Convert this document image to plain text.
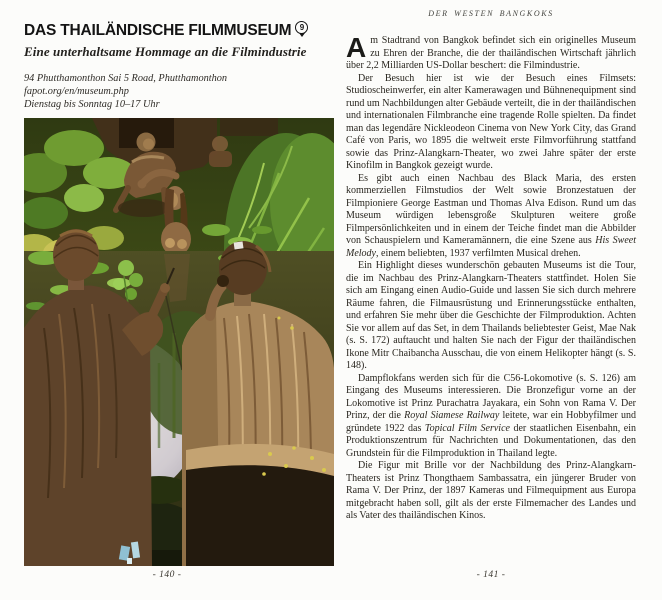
DAS THAILÄNDISCHE FILMMUSEUM	9
Eine unterhaltsame Hommage an die Filmindustrie
94 Phutthamonthon Sai 5 Road, Phutthamonthon
fapot.org/en/museum.php
Dienstag bis Sonntag 10–17 Uhr
- 140 -
DER WESTEN BANGKOKS

Am Stadtrand von Bangkok befindet sich ein originelles Museum zu Ehren der Branche, die der thailändischen Wirtschaft jährlich über 2,2 Milliarden US-Dollar beschert: die Filmindustrie.

Der Besuch hier ist wie der Besuch eines Filmsets: Studioscheinwerfer, ein alter Kamerawagen und Bühnenequipment sind rund um Nachbildungen alter Gebäude verteilt, die in der thailändischen und internationalen Filmbranche eine tragende Rolle spielten. Da findet man das legendäre Nickleodeon Cinema von New York City, das Grand Café von Paris, wo 1895 die weltweit erste Filmvorführung stattfand sowie das Prinz-Alangkarn-Theater, wo zwei Jahre später der erste Kinofilm in Bangkok gezeigt wurde.

Es gibt auch einen Nachbau des Black Maria, des ersten kommerziellen Filmstudios der Welt sowie Bronzestatuen der Filmpioniere George Eastman und Thomas Alva Edison. Rund um das Museum würdigen lebensgroße Skulpturen weitere große Filmpersönlichkeiten und in einem der Teiche findet man die Abbilder von Schauspielern und Kameramännern, die eine Szene aus His Sweet Melody, einem beliebten, 1937 verfilmten Musical drehen.

Ein Highlight dieses wunderschön gebauten Museums ist die Tour, die im Nachbau des Prinz-Alangkarn-Theaters stattfindet. Holen Sie sich am Eingang einen Audio-Guide und lassen Sie sich durch mehrere Räume fahren, die Filmausrüstung und Erinnerungsstücke enthalten, und erfahren Sie mehr über die Geschichte der Filmproduktion. Achten Sie vor allem auf das Set, in dem Thailands beliebtester Geist, Mae Nak (s. S. 172) auftaucht und halten Sie nach der Figur der thailändischen Ikone Mitr Chaibancha Ausschau, die von einem Helikopter hängt (s. S. 148).

Dampflokfans werden sich für die C56-Lokomotive (s. S. 126) am Eingang des Museums interessieren. Die Bronzefigur vorne an der Lokomotive ist Prinz Purachatra Jayakara, ein Sohn von Rama V. Der Prinz, der die Royal Siamese Railway leitete, war ein Hobbyfilmer und gründete 1922 das Topical Film Service der staatlichen Eisenbahn, ein Produktionszentrum für Nachrichten und Dokumentationen, das den Grundstein für die Filmproduktion in Thailand legte.

Die Figur mit Brille vor der Nachbildung des Prinz-Alangkarn-Theaters ist Prinz Thongthaem Sambassatra, ein jüngerer Bruder von Rama V. Der Prinz, der 1897 Kameras und Filmequipment aus Europa mitgebracht haben soll, gilt als der erste Filmemacher des Landes und als Vater des thailändischen Kinos.

- 141 -
